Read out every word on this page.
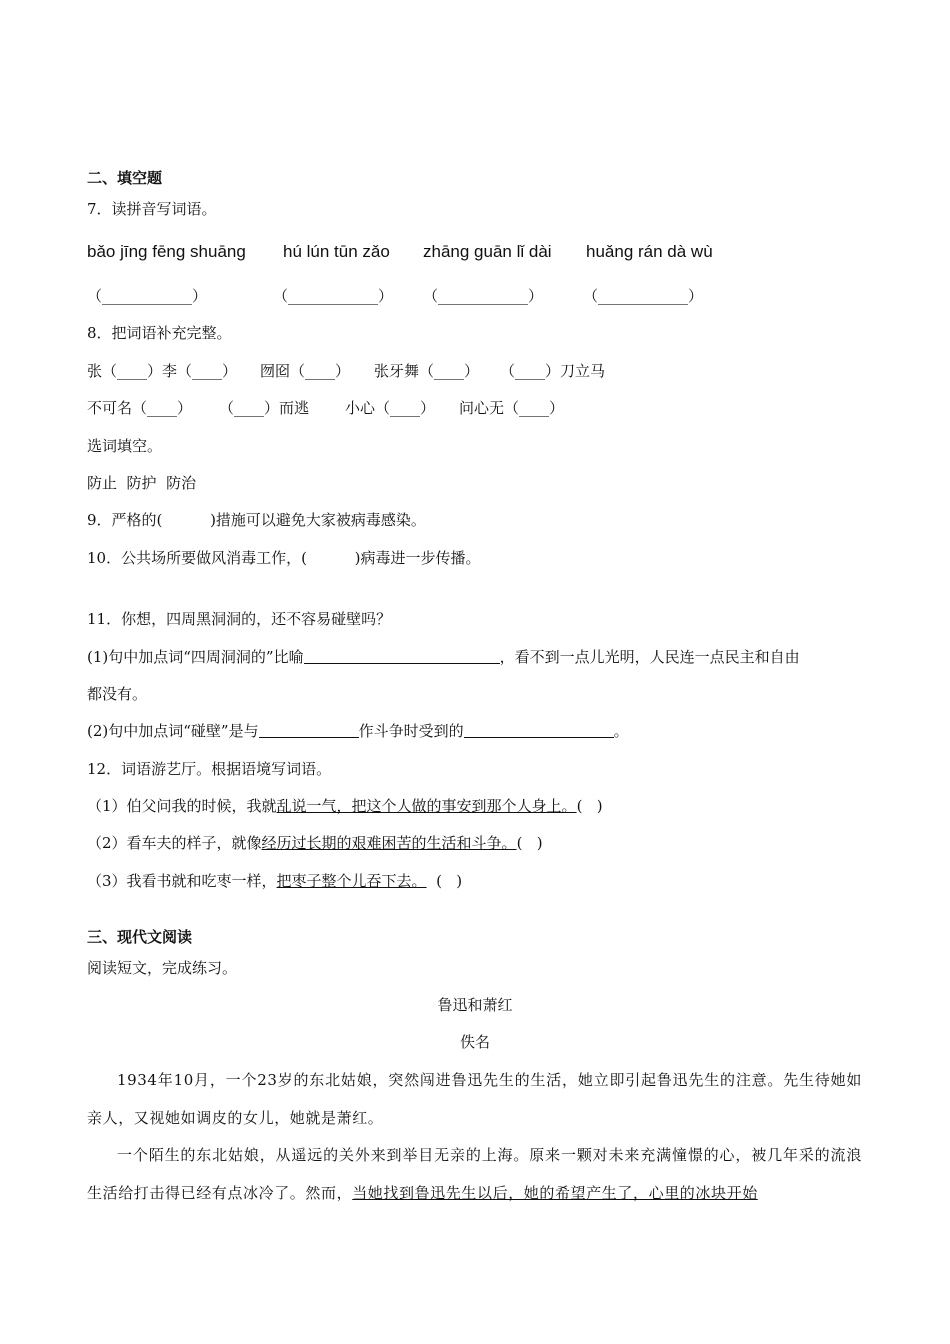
二、填空题
7．读拼音写词语。
bǎo jīng fēng shuāng hú lún tūn zǎo zhāng guān lǐ dài huǎng rán dà wù
（____________）	（____________） （____________）	（____________）
8．把词语补充完整。
张（____）李（____） 囫囵（____） 张牙舞（____） （____）刀立马
不可名（____） （____）而逃 小心（____） 问心无（____）
选词填空。
防止  防护  防治
9．严格的(          )措施可以避免大家被病毒感染。
10．公共场所要做风消毒工作，(          )病毒进一步传播。
11．你想，四周黑洞洞的，还不容易碰壁吗？
(1)句中加点词“四周洞洞的”比喻	，看不到一点儿光明，人民连一点民主和自由
都没有。
(2)句中加点词“碰壁”是与	作斗争时受到的	。
12．词语游艺厅。根据语境写词语。
（1）伯父问我的时候，我就乱说一气，把这个人做的事安到那个人身上。(   )
（2）看车夫的样子，就像经历过长期的艰难困苦的生活和斗争。(   )
（3）我看书就和吃枣一样，把枣子整个儿吞下去。  (   )
三、现代文阅读
阅读短文，完成练习。
鲁迅和萧红
佚名
1934年10月，一个23岁的东北姑娘，突然闯进鲁迅先生的生活，她立即引起鲁迅先生的注意。先生待她如亲人，又视她如调皮的女儿，她就是萧红。
一个陌生的东北姑娘，从遥远的关外来到举目无亲的上海。原来一颗对未来充满憧憬的心，被几年采的流浪生活给打击得已经有点冰冷了。然而，当她找到鲁迅先生以后，她的希望产生了，心里的冰块开始
